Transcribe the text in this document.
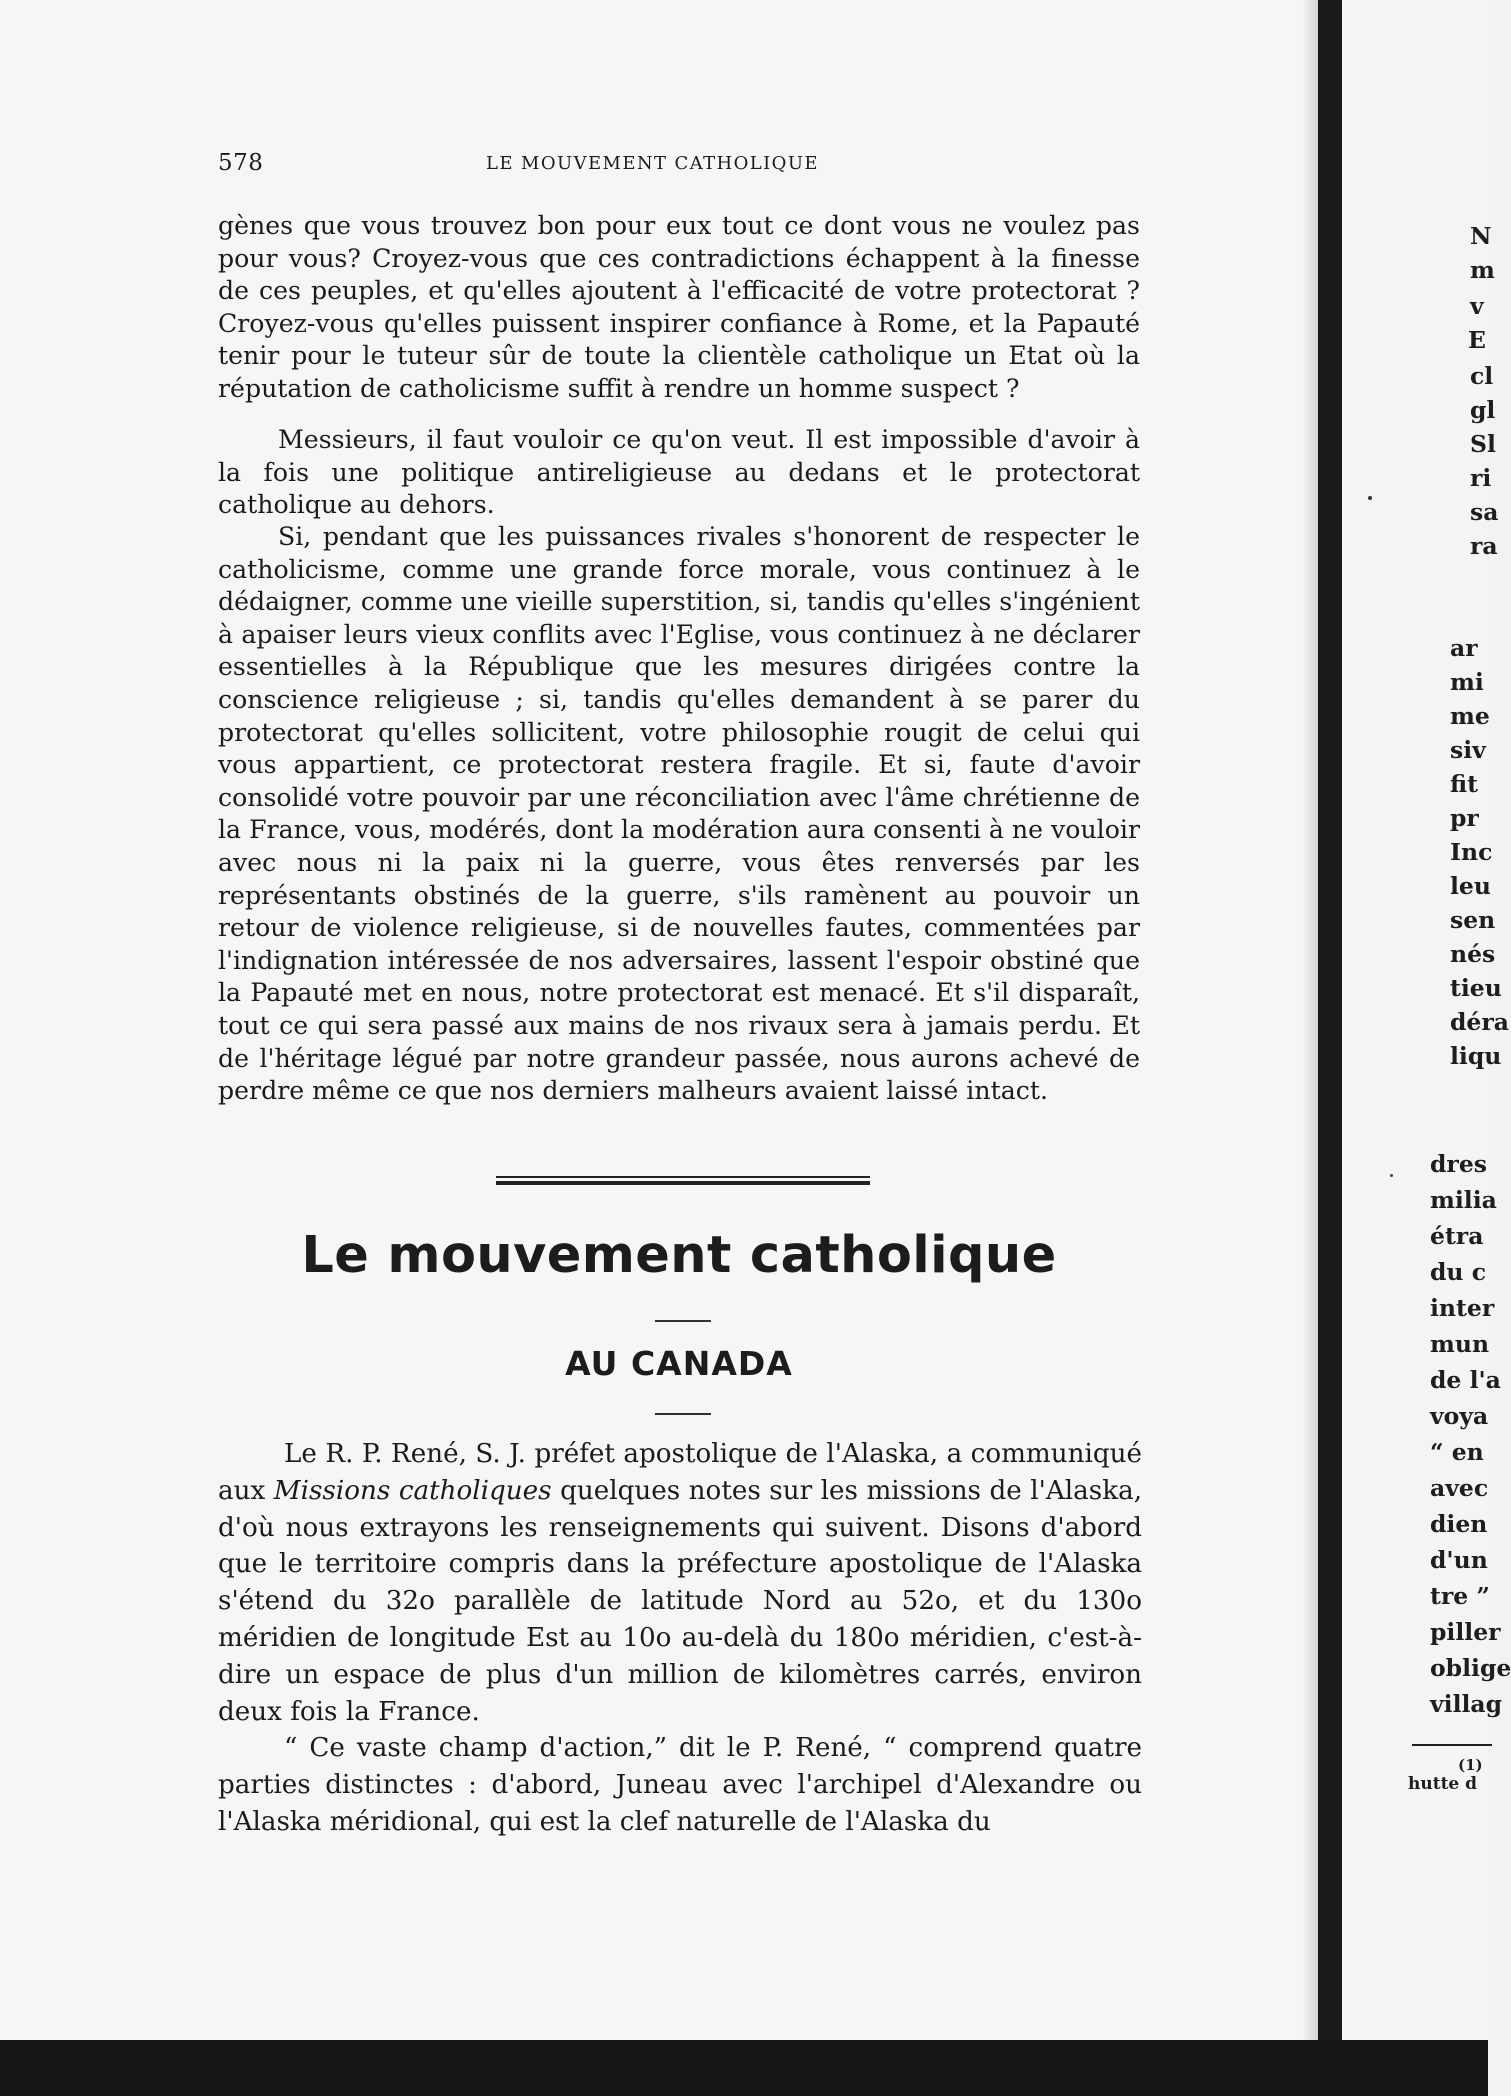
N
m
v
E
cl
gl
Sl
ri
sa
ra
ar
mi
me
siv
fit
pr
Inc
leu
sen
nés
tieu
déra
liqu
dres
milia
étra
du c
inter
mun
de l'a
voya
“ en
avec
dien
d'un
tre ”
piller
oblige
villag
(1)
hutte d
578	LE MOUVEMENT CATHOLIQUE

gènes que vous trouvez bon pour eux tout ce dont vous ne voulez pas pour vous? Croyez-vous que ces contradictions échappent à la finesse de ces peuples, et qu'elles ajoutent à l'efficacité de votre protectorat ? Croyez-vous qu'elles puissent inspirer confiance à Rome, et la Papauté tenir pour le tuteur sûr de toute la clientèle catholique un Etat où la réputation de catholicisme suffit à rendre un homme suspect ?

Messieurs, il faut vouloir ce qu'on veut. Il est impossible d'avoir à la fois une politique antireligieuse au dedans et le protectorat catholique au dehors.

Si, pendant que les puissances rivales s'honorent de respecter le catholicisme, comme une grande force morale, vous continuez à le dédaigner, comme une vieille superstition, si, tandis qu'elles s'ingénient à apaiser leurs vieux conflits avec l'Eglise, vous continuez à ne déclarer essentielles à la République que les mesures dirigées contre la conscience religieuse ; si, tandis qu'elles demandent à se parer du protectorat qu'elles sollicitent, votre philosophie rougit de celui qui vous appartient, ce protectorat restera fragile. Et si, faute d'avoir consolidé votre pouvoir par une réconciliation avec l'âme chrétienne de la France, vous, modérés, dont la modération aura consenti à ne vouloir avec nous ni la paix ni la guerre, vous êtes renversés par les représentants obstinés de la guerre, s'ils ramènent au pouvoir un retour de violence religieuse, si de nouvelles fautes, commentées par l'indignation intéressée de nos adversaires, lassent l'espoir obstiné que la Papauté met en nous, notre protectorat est menacé. Et s'il disparaît, tout ce qui sera passé aux mains de nos rivaux sera à jamais perdu. Et de l'héritage légué par notre grandeur passée, nous aurons achevé de perdre même ce que nos derniers malheurs avaient laissé intact.

Le mouvement catholique
AU CANADA

Le R. P. René, S. J. préfet apostolique de l'Alaska, a communiqué aux Missions catholiques quelques notes sur les missions de l'Alaska, d'où nous extrayons les renseignements qui suivent. Disons d'abord que le territoire compris dans la préfecture apostolique de l'Alaska s'étend du 32o parallèle de latitude Nord au 52o, et du 130o méridien de longitude Est au 10o au-delà du 180o méridien, c'est-à-dire un espace de plus d'un million de kilomètres carrés, environ deux fois la France.

“ Ce vaste champ d'action,” dit le P. René, “ comprend quatre parties distinctes : d'abord, Juneau avec l'archipel d'Alexandre ou l'Alaska méridional, qui est la clef naturelle de l'Alaska du
